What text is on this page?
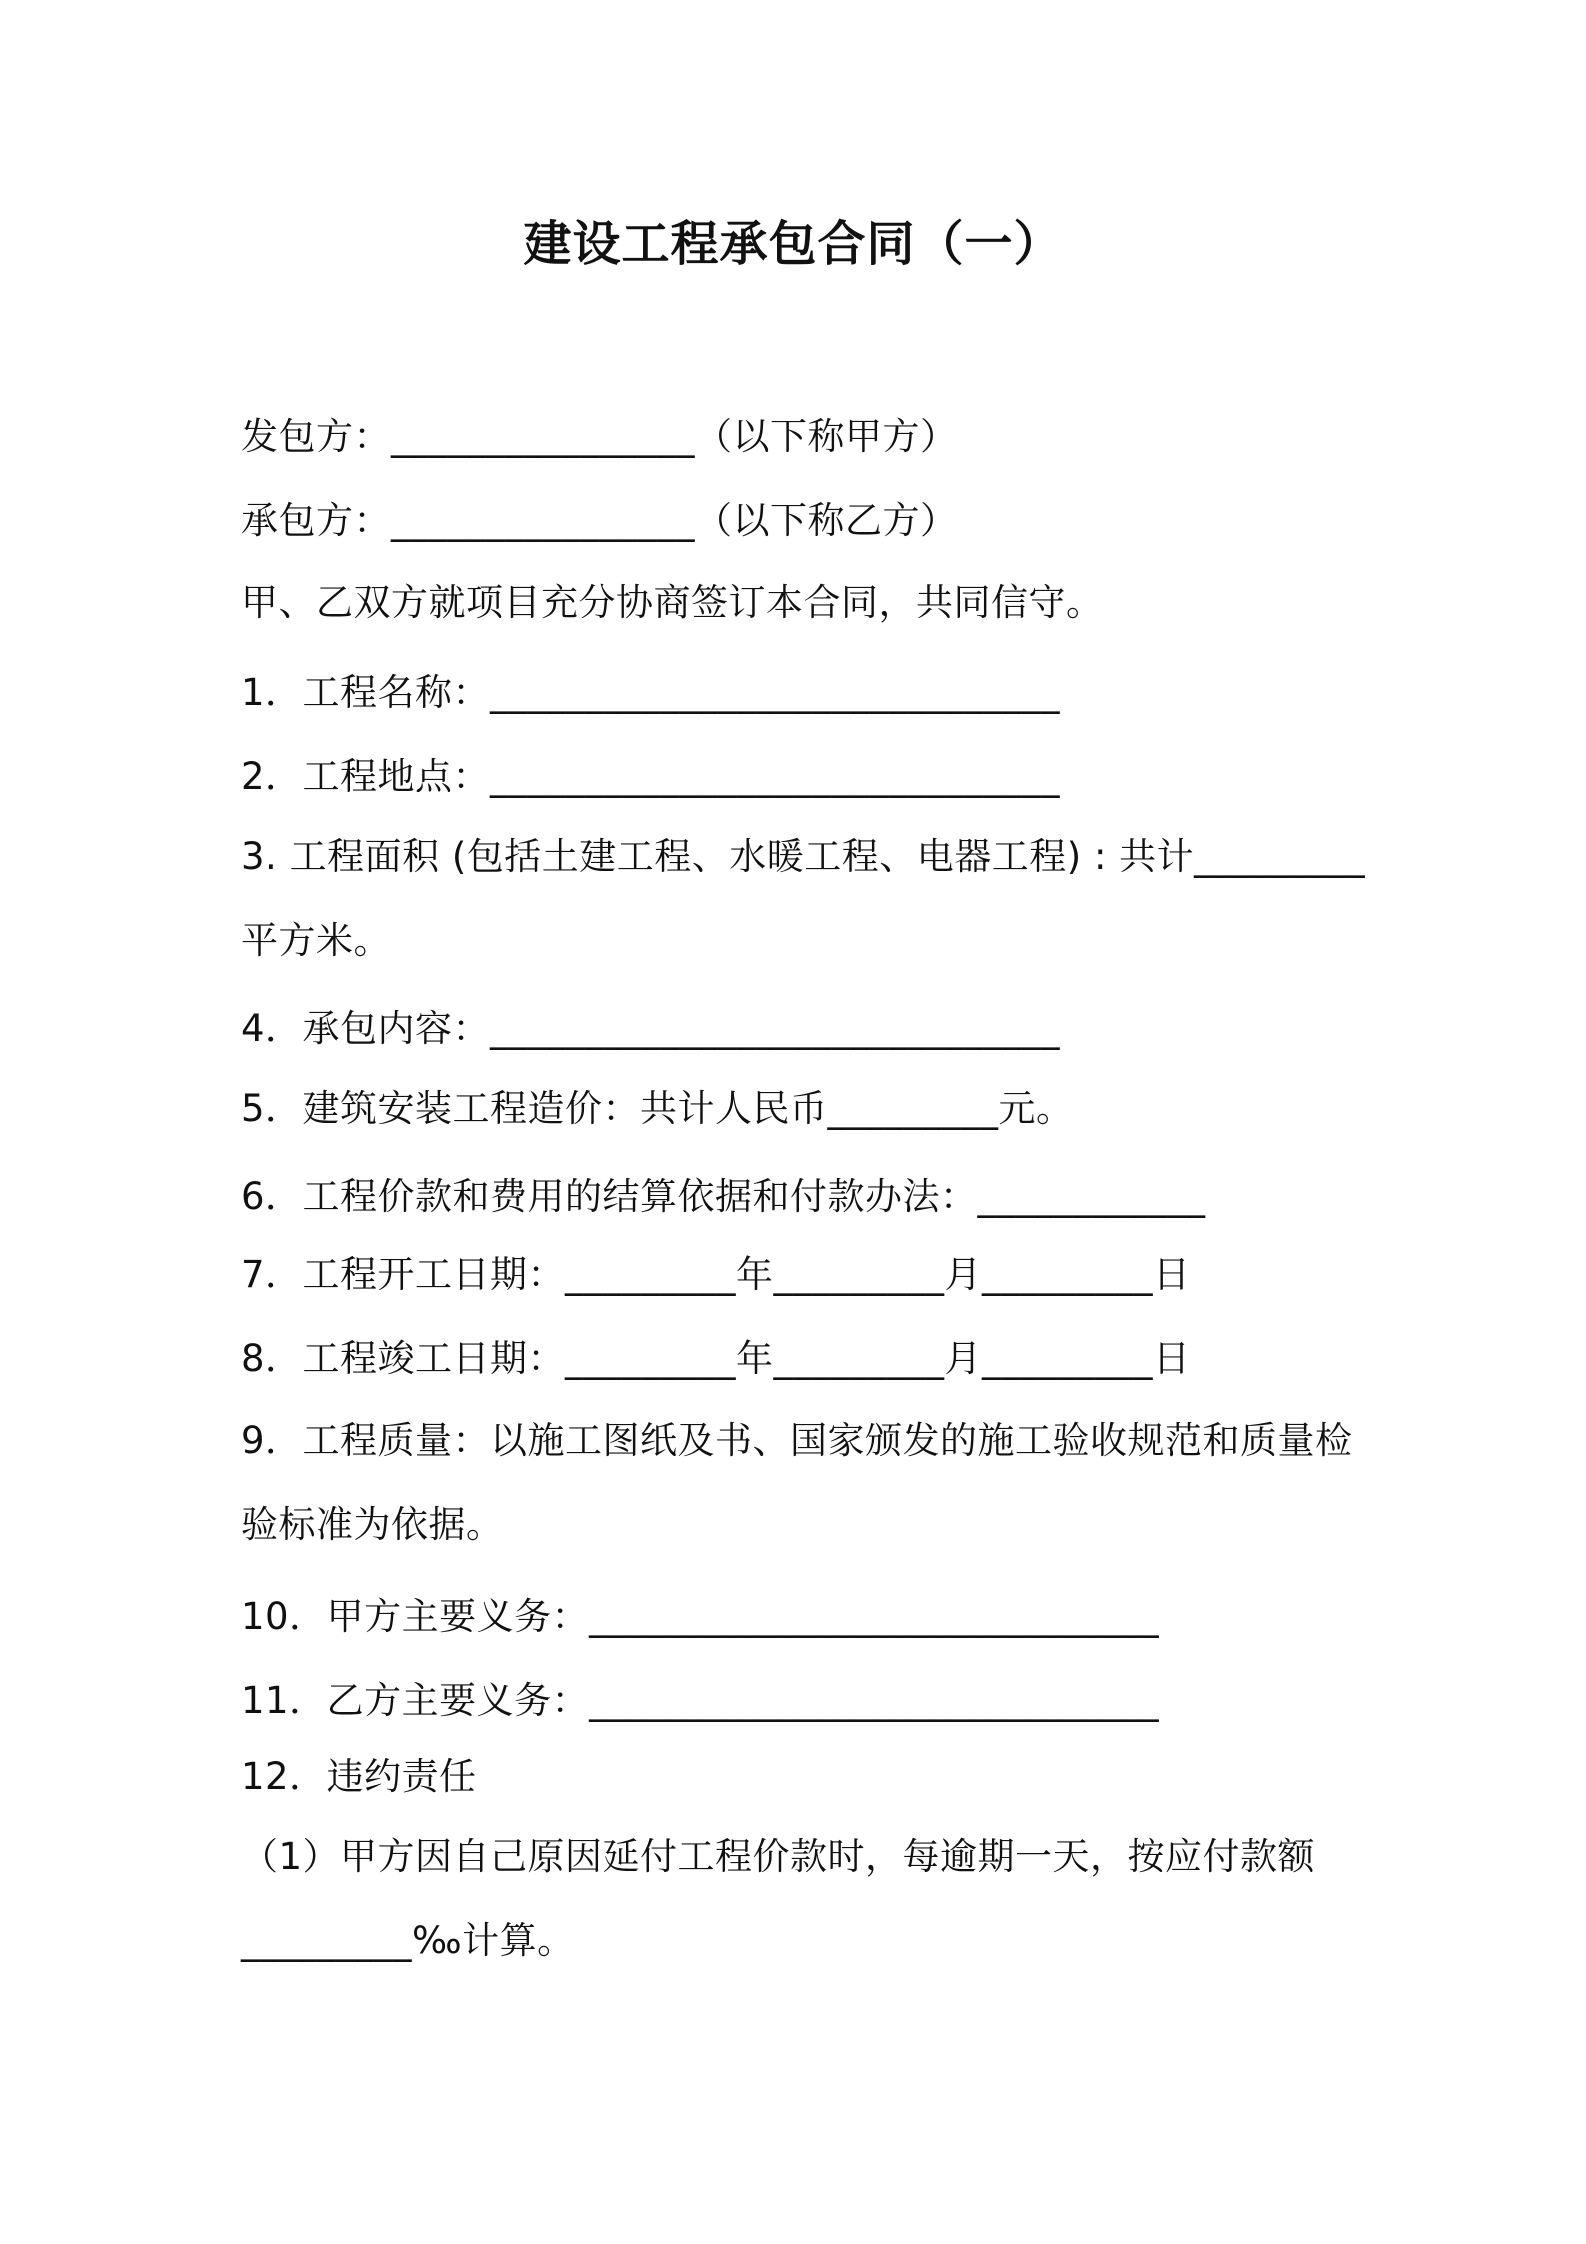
建设工程承包合同（一）
发包方：________________（以下称甲方）
承包方：________________（以下称乙方）
甲、乙双方就项目充分协商签订本合同，共同信守。
1．工程名称：______________________________
2．工程地点：______________________________
3. 工程面积 (包括土建工程、水暖工程、电器工程) : 共计_________
平方米。
4．承包内容：______________________________
5．建筑安装工程造价：共计人民币_________元。
6．工程价款和费用的结算依据和付款办法：____________
7．工程开工日期：_________年_________月_________日
8．工程竣工日期：_________年_________月_________日
9．工程质量：以施工图纸及书、国家颁发的施工验收规范和质量检
验标准为依据。
10．甲方主要义务：______________________________
11．乙方主要义务：______________________________
12．违约责任
（1）甲方因自己原因延付工程价款时，每逾期一天，按应付款额
_________‰计算。
